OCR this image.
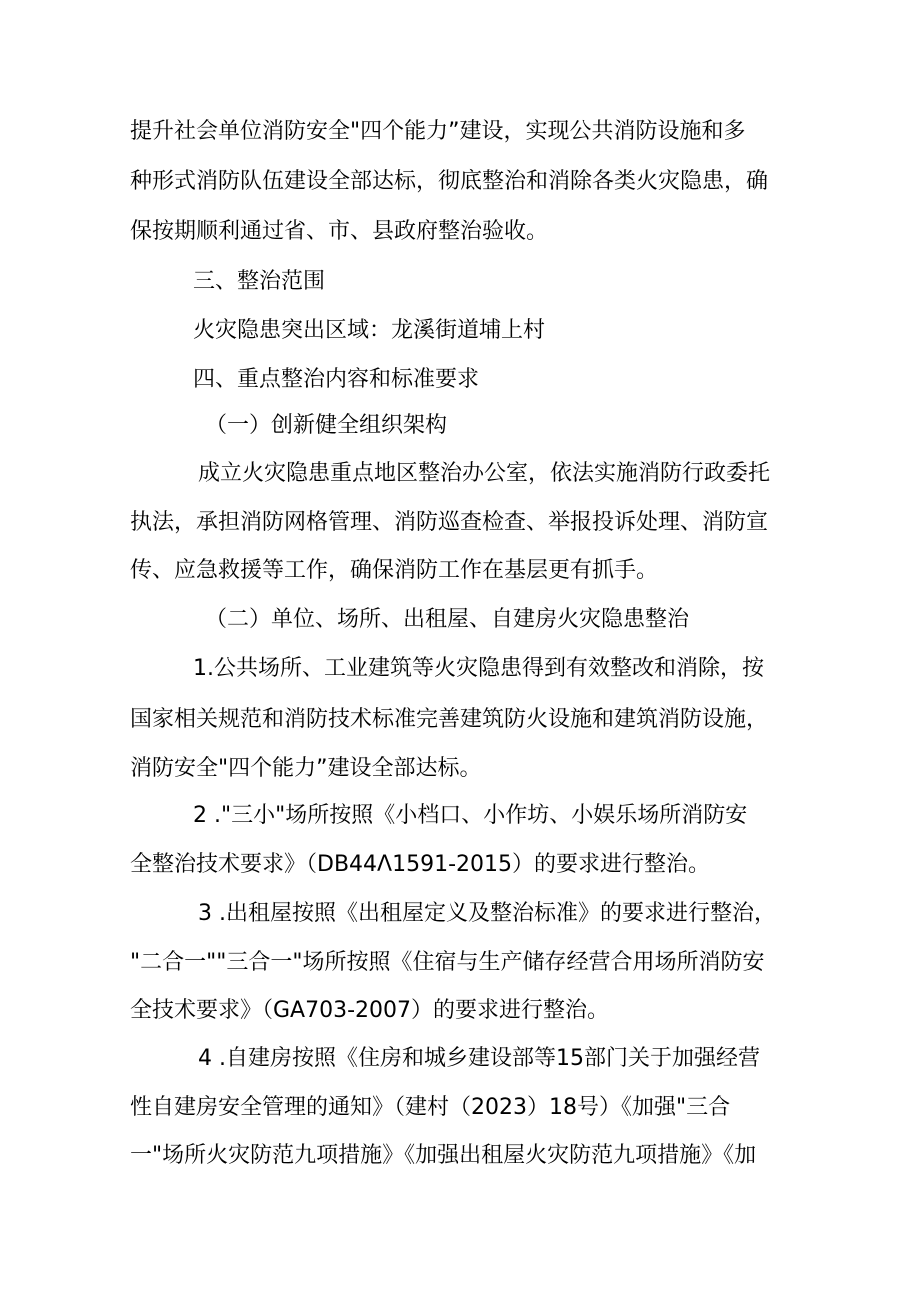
提升社会单位消防安全"四个能力”建设，实现公共消防设施和多
种形式消防队伍建设全部达标，彻底整治和消除各类火灾隐患，确
保按期顺利通过省、市、县政府整治验收。
三、整治范围
火灾隐患突出区域：龙溪街道埔上村
四、重点整治内容和标准要求
（一）创新健全组织架构
成立火灾隐患重点地区整治办公室，依法实施消防行政委托
执法，承担消防网格管理、消防巡查检查、举报投诉处理、消防宣
传、应急救援等工作，确保消防工作在基层更有抓手。
（二）单位、场所、出租屋、自建房火灾隐患整治
1.公共场所、工业建筑等火灾隐患得到有效整改和消除，按
国家相关规范和消防技术标准完善建筑防火设施和建筑消防设施，
消防安全"四个能力”建设全部达标。
2 ."三小"场所按照《小档口、小作坊、小娱乐场所消防安
全整治技术要求》（DB44Λ1591-2015）的要求进行整治。
3 .出租屋按照《出租屋定义及整治标准》的要求进行整治，
"二合一""三合一"场所按照《住宿与生产储存经营合用场所消防安
全技术要求》（GA703-2007）的要求进行整治。
4 .自建房按照《住房和城乡建设部等15部门关于加强经营
性自建房安全管理的通知》（建村（2023）18号）《加强"三合
一"场所火灾防范九项措施》《加强出租屋火灾防范九项措施》《加
